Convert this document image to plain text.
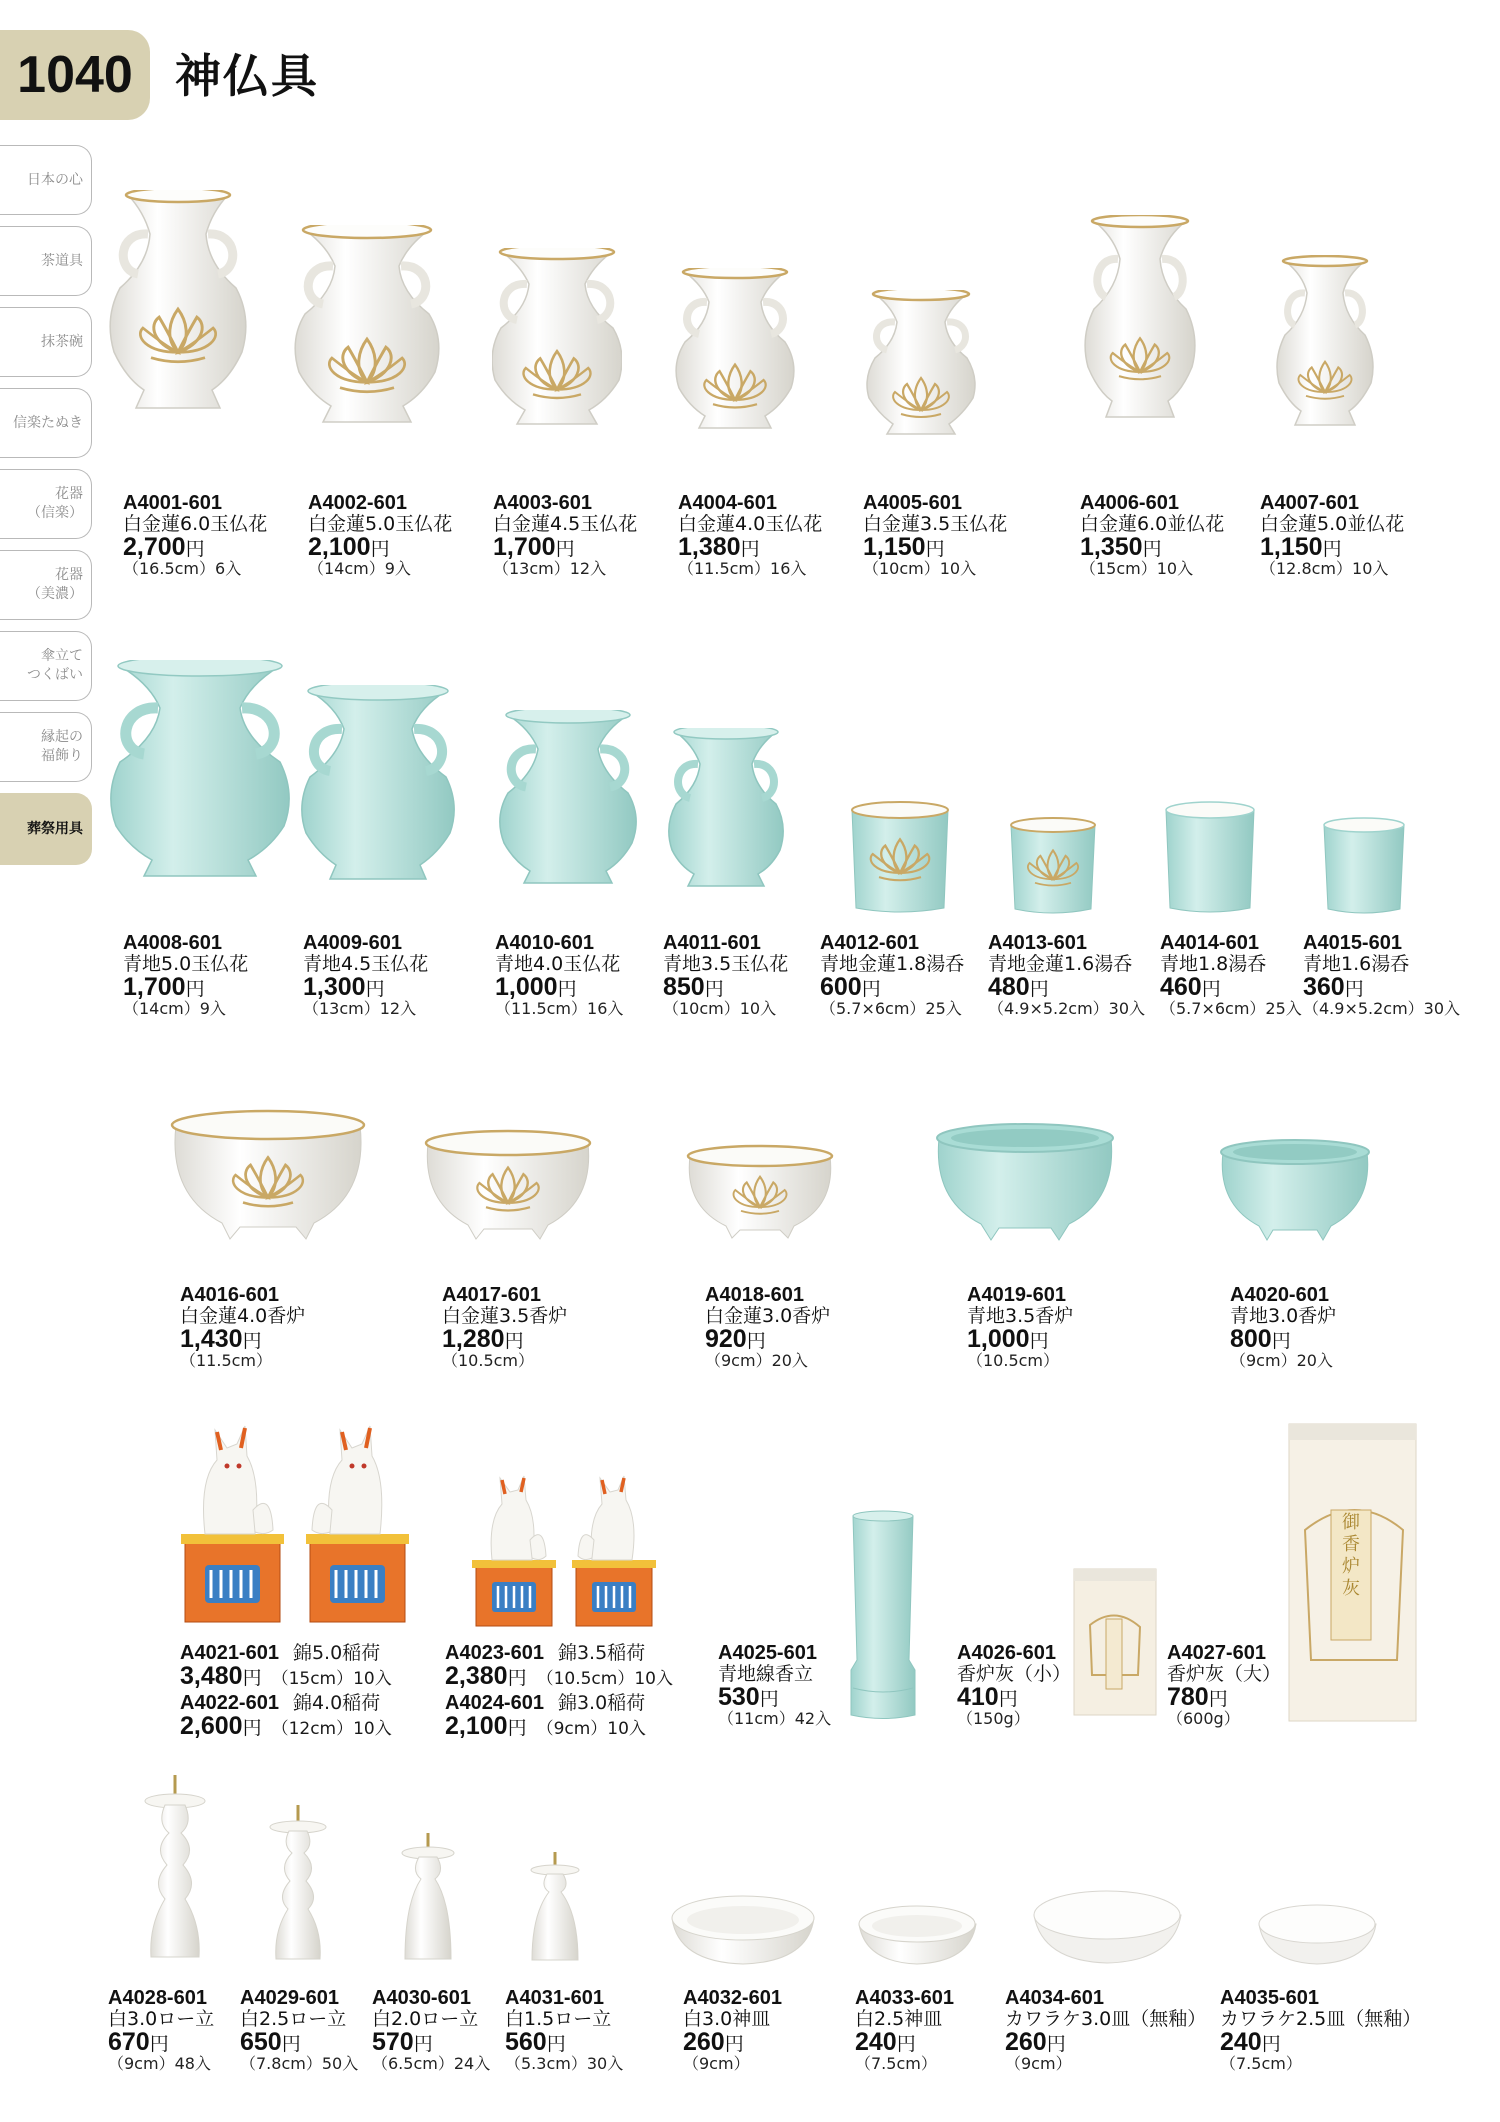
1040 神仏具
日本の心
茶道具
抹茶碗
信楽たぬき
花器
（信楽）
花器
（美濃）
傘立て
つくばい
縁起の
福飾り
葬祭用具
A4001-601
白金蓮6.0玉仏花
2,700円
（16.5cm）6入
A4002-601
白金蓮5.0玉仏花
2,100円
（14cm）9入
A4003-601
白金蓮4.5玉仏花
1,700円
（13cm）12入
A4004-601
白金蓮4.0玉仏花
1,380円
（11.5cm）16入
A4005-601
白金蓮3.5玉仏花
1,150円
（10cm）10入
A4006-601
白金蓮6.0並仏花
1,350円
（15cm）10入
A4007-601
白金蓮5.0並仏花
1,150円
（12.8cm）10入
A4008-601
青地5.0玉仏花
1,700円
（14cm）9入
A4009-601
青地4.5玉仏花
1,300円
（13cm）12入
A4010-601
青地4.0玉仏花
1,000円
（11.5cm）16入
A4011-601
青地3.5玉仏花
850円
（10cm）10入
A4012-601
青地金蓮1.8湯呑
600円
（5.7×6cm）25入
A4013-601
青地金蓮1.6湯呑
480円
（4.9×5.2cm）30入
A4014-601
青地1.8湯呑
460円
（5.7×6cm）25入
A4015-601
青地1.6湯呑
360円
（4.9×5.2cm）30入
A4016-601
白金蓮4.0香炉
1,430円
（11.5cm）
A4017-601
白金蓮3.5香炉
1,280円
（10.5cm）
A4018-601
白金蓮3.0香炉
920円
（9cm）20入
A4019-601
青地3.5香炉
1,000円
（10.5cm）
A4020-601
青地3.0香炉
800円
（9cm）20入
御
香
炉
灰
A4021-601 錦5.0稲荷
3,480円 （15cm）10入
A4022-601 錦4.0稲荷
2,600円 （12cm）10入
A4023-601 錦3.5稲荷
2,380円 （10.5cm）10入
A4024-601 錦3.0稲荷
2,100円 （9cm）10入
A4025-601
青地線香立
530円
（11cm）42入
A4026-601
香炉灰（小）
410円
（150g）
A4027-601
香炉灰（大）
780円
（600g）
A4028-601
白3.0ロー立
670円
（9cm）48入
A4029-601
白2.5ロー立
650円
（7.8cm）50入
A4030-601
白2.0ロー立
570円
（6.5cm）24入
A4031-601
白1.5ロー立
560円
（5.3cm）30入
A4032-601
白3.0神皿
260円
（9cm）
A4033-601
白2.5神皿
240円
（7.5cm）
A4034-601
カワラケ3.0皿（無釉）
260円
（9cm）
A4035-601
カワラケ2.5皿（無釉）
240円
（7.5cm）
